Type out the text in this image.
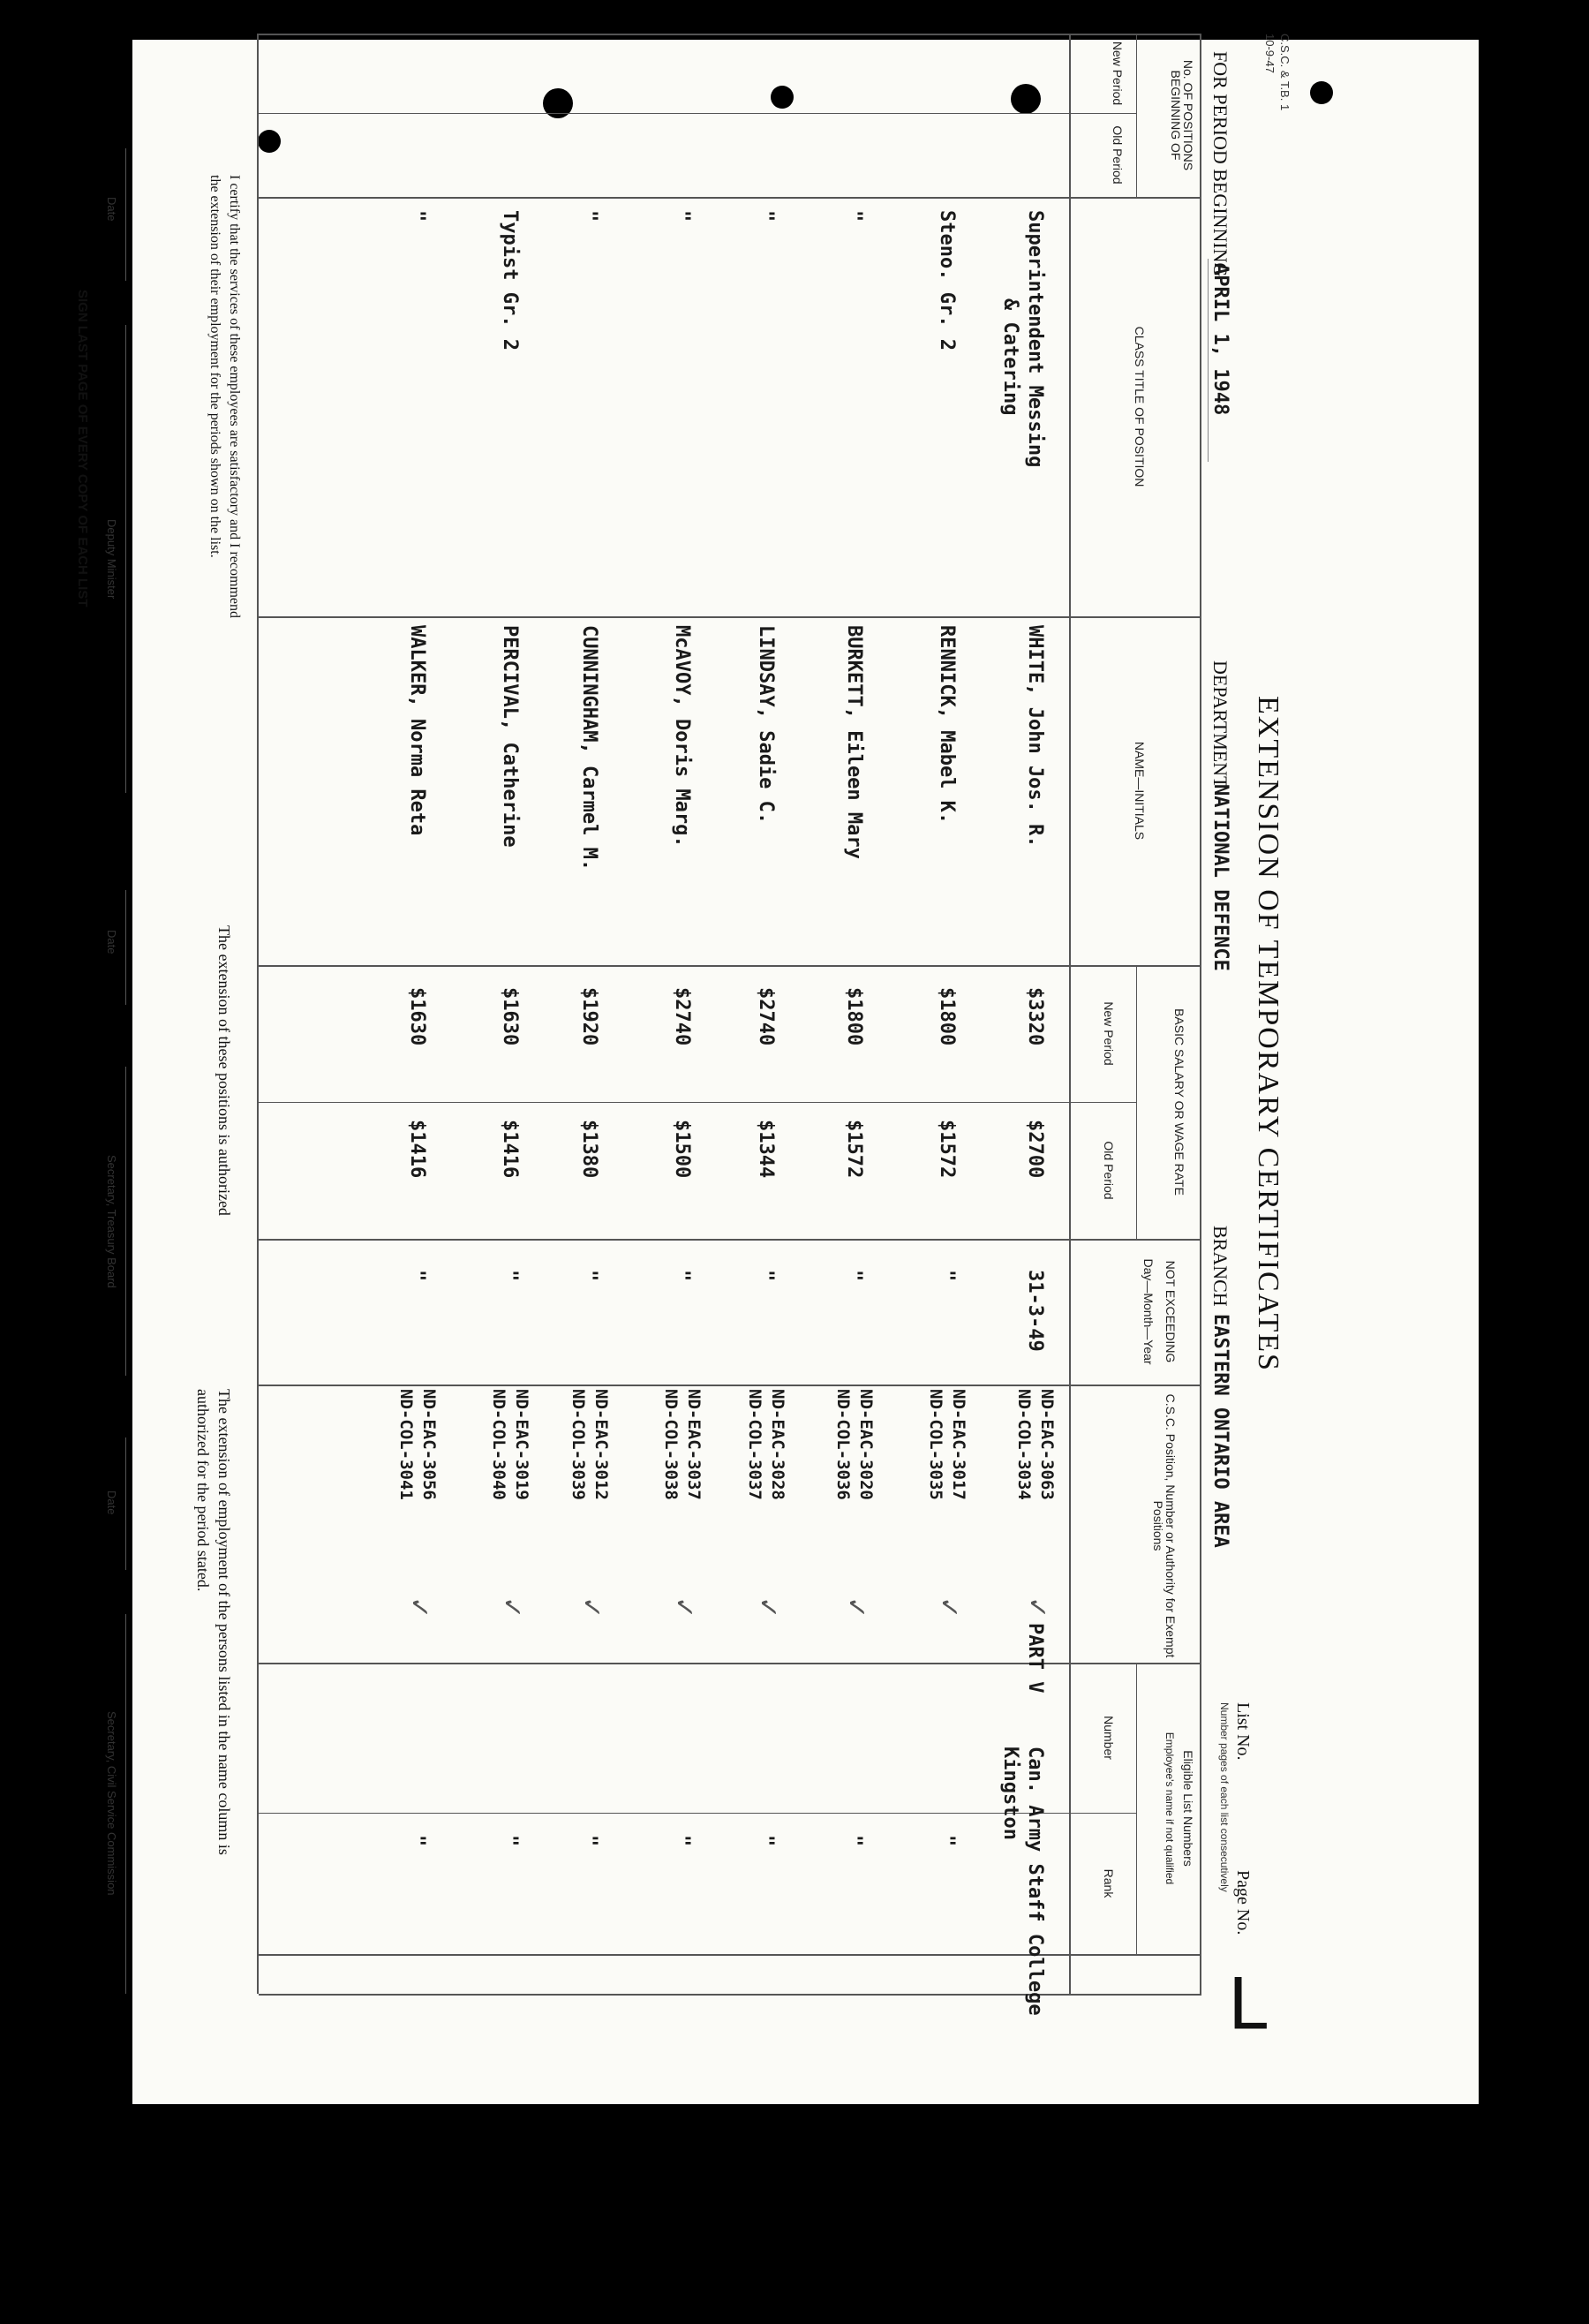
C.S.C. & T.B. 1
10-9-47
EXTENSION OF TEMPORARY CERTIFICATES
FOR PERIOD BEGINNING
APRIL 1, 1948
DEPARTMENT
NATIONAL DEFENCE
BRANCH
EASTERN ONTARIO AREA
List No.
Page No.
Number pages of each list consecutively
L
No. OF POSITIONS BEGINNING OF
New Period
Old Period
CLASS TITLE OF POSITION
NAME—INITIALS
BASIC SALARY OR WAGE RATE
New Period
Old Period
NOT EXCEEDING
Day—Month—Year
C.S.C. Position, Number or Authority for Exempt Positions
Eligible List Numbers
Employee's name if not qualified
Number
Rank
I certify that the services of these employees are satisfactory and I recommend
the extension of their employment for the periods shown on the list.
The extension of these positions is authorized
The extension of employment of the persons listed in the name column is
authorized for the period stated.
Date
Deputy Minister
Date
Secretary, Treasury Board
Date
Secretary, Civil Service Commission
SIGN LAST PAGE OF EVERY COPY OF EACH LIST	Superintendent Messing
& Catering
WHITE, John Jos. R.
$3320
$2700
31-3-49
ND-EAC-3063
ND-COL-3034
✓
PART V
Can. Army Staff College
Kingston
Steno. Gr. 2
RENNICK, Mabel K.
$1800
$1572
"
ND-EAC-3017
ND-COL-3035
✓
"
"
BURKETT, Eileen Mary
$1800
$1572
"
ND-EAC-3020
ND-COL-3036
✓
"
"
LINDSAY, Sadie C.
$2740
$1344
"
ND-EAC-3028
ND-COL-3037
✓
"
"
McAVOY, Doris Marg.
$2740
$1500
"
ND-EAC-3037
ND-COL-3038
✓
"
"
CUNNINGHAM, Carmel M.
$1920
$1380
"
ND-EAC-3012
ND-COL-3039
✓
"
Typist Gr. 2
PERCIVAL, Catherine
$1630
$1416
"
ND-EAC-3019
ND-COL-3040
✓
"
"
WALKER, Norma Reta
$1630
$1416
"
ND-EAC-3056
ND-COL-3041
✓
"
